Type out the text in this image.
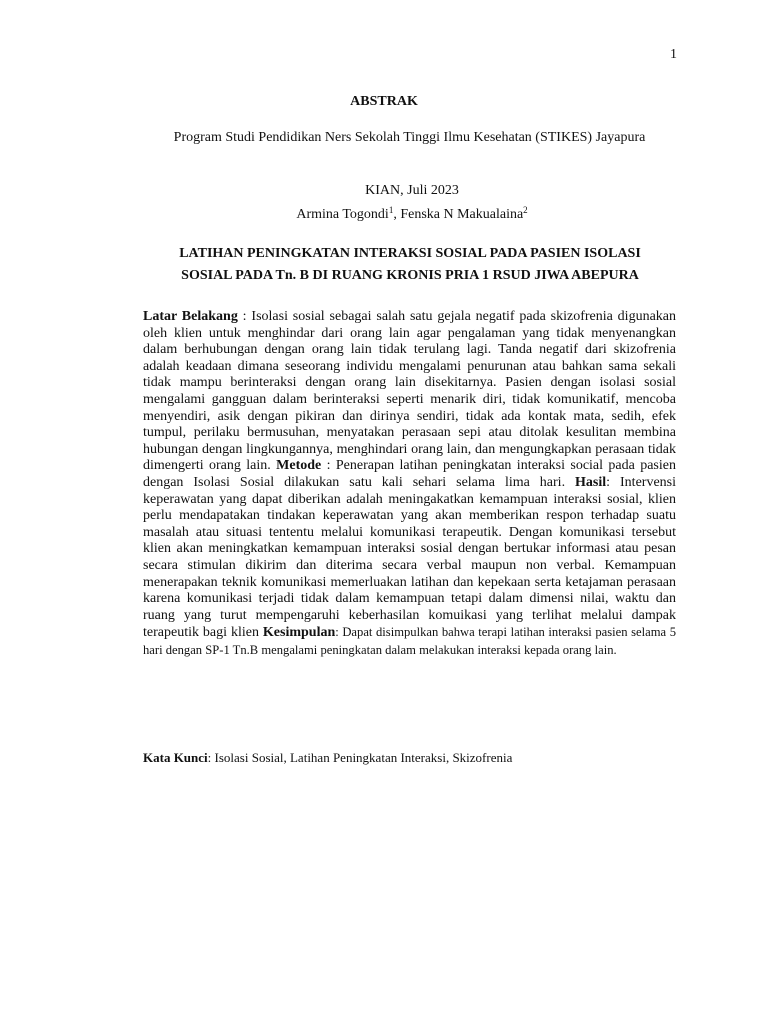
1
ABSTRAK
Program Studi Pendidikan Ners Sekolah Tinggi Ilmu Kesehatan (STIKES) Jayapura
KIAN, Juli 2023
Armina Togondi$^1$, Fenska N Makualaina$^2$
LATIHAN PENINGKATAN INTERAKSI SOSIAL PADA PASIEN ISOLASI
SOSIAL PADA Tn. B DI RUANG KRONIS PRIA 1 RSUD JIWA ABEPURA

Latar Belakang : Isolasi sosial sebagai salah satu gejala negatif pada skizofrenia digunakan oleh klien untuk menghindar dari orang lain agar pengalaman yang tidak menyenangkan dalam berhubungan dengan orang lain tidak terulang lagi. Tanda negatif dari skizofrenia adalah keadaan dimana seseorang individu mengalami penurunan atau bahkan sama sekali tidak mampu berinteraksi dengan orang lain disekitarnya. Pasien dengan isolasi sosial mengalami gangguan dalam berinteraksi seperti menarik diri, tidak komunikatif, mencoba menyendiri, asik dengan pikiran dan dirinya sendiri, tidak ada kontak mata, sedih, efek tumpul, perilaku bermusuhan, menyatakan perasaan sepi atau ditolak kesulitan membina hubungan dengan lingkungannya, menghindari orang lain, dan mengungkapkan perasaan tidak dimengerti orang lain. Metode : Penerapan latihan peningkatan interaksi social pada pasien dengan Isolasi Sosial dilakukan satu kali sehari selama lima hari. Hasil: Intervensi keperawatan yang dapat diberikan adalah meningakatkan kemampuan interaksi sosial, klien perlu mendapatakan tindakan keperawatan yang akan memberikan respon terhadap suatu masalah atau situasi tententu melalui komunikasi terapeutik. Dengan komunikasi tersebut klien akan meningkatkan kemampuan interaksi sosial dengan bertukar informasi atau pesan secara stimulan dikirim dan diterima secara verbal maupun non verbal. Kemampuan menerapakan teknik komunikasi memerluakan latihan dan kepekaan serta ketajaman perasaan karena komunikasi terjadi tidak dalam kemampuan tetapi dalam dimensi nilai, waktu dan ruang yang turut mempengaruhi keberhasilan komuikasi yang terlihat melalui dampak terapeutik bagi klien Kesimpulan: Dapat disimpulkan bahwa terapi latihan interaksi pasien selama 5 hari dengan SP-1 Tn.B mengalami peningkatan dalam melakukan interaksi kepada orang lain.

Kata Kunci: Isolasi Sosial, Latihan Peningkatan Interaksi, Skizofrenia
